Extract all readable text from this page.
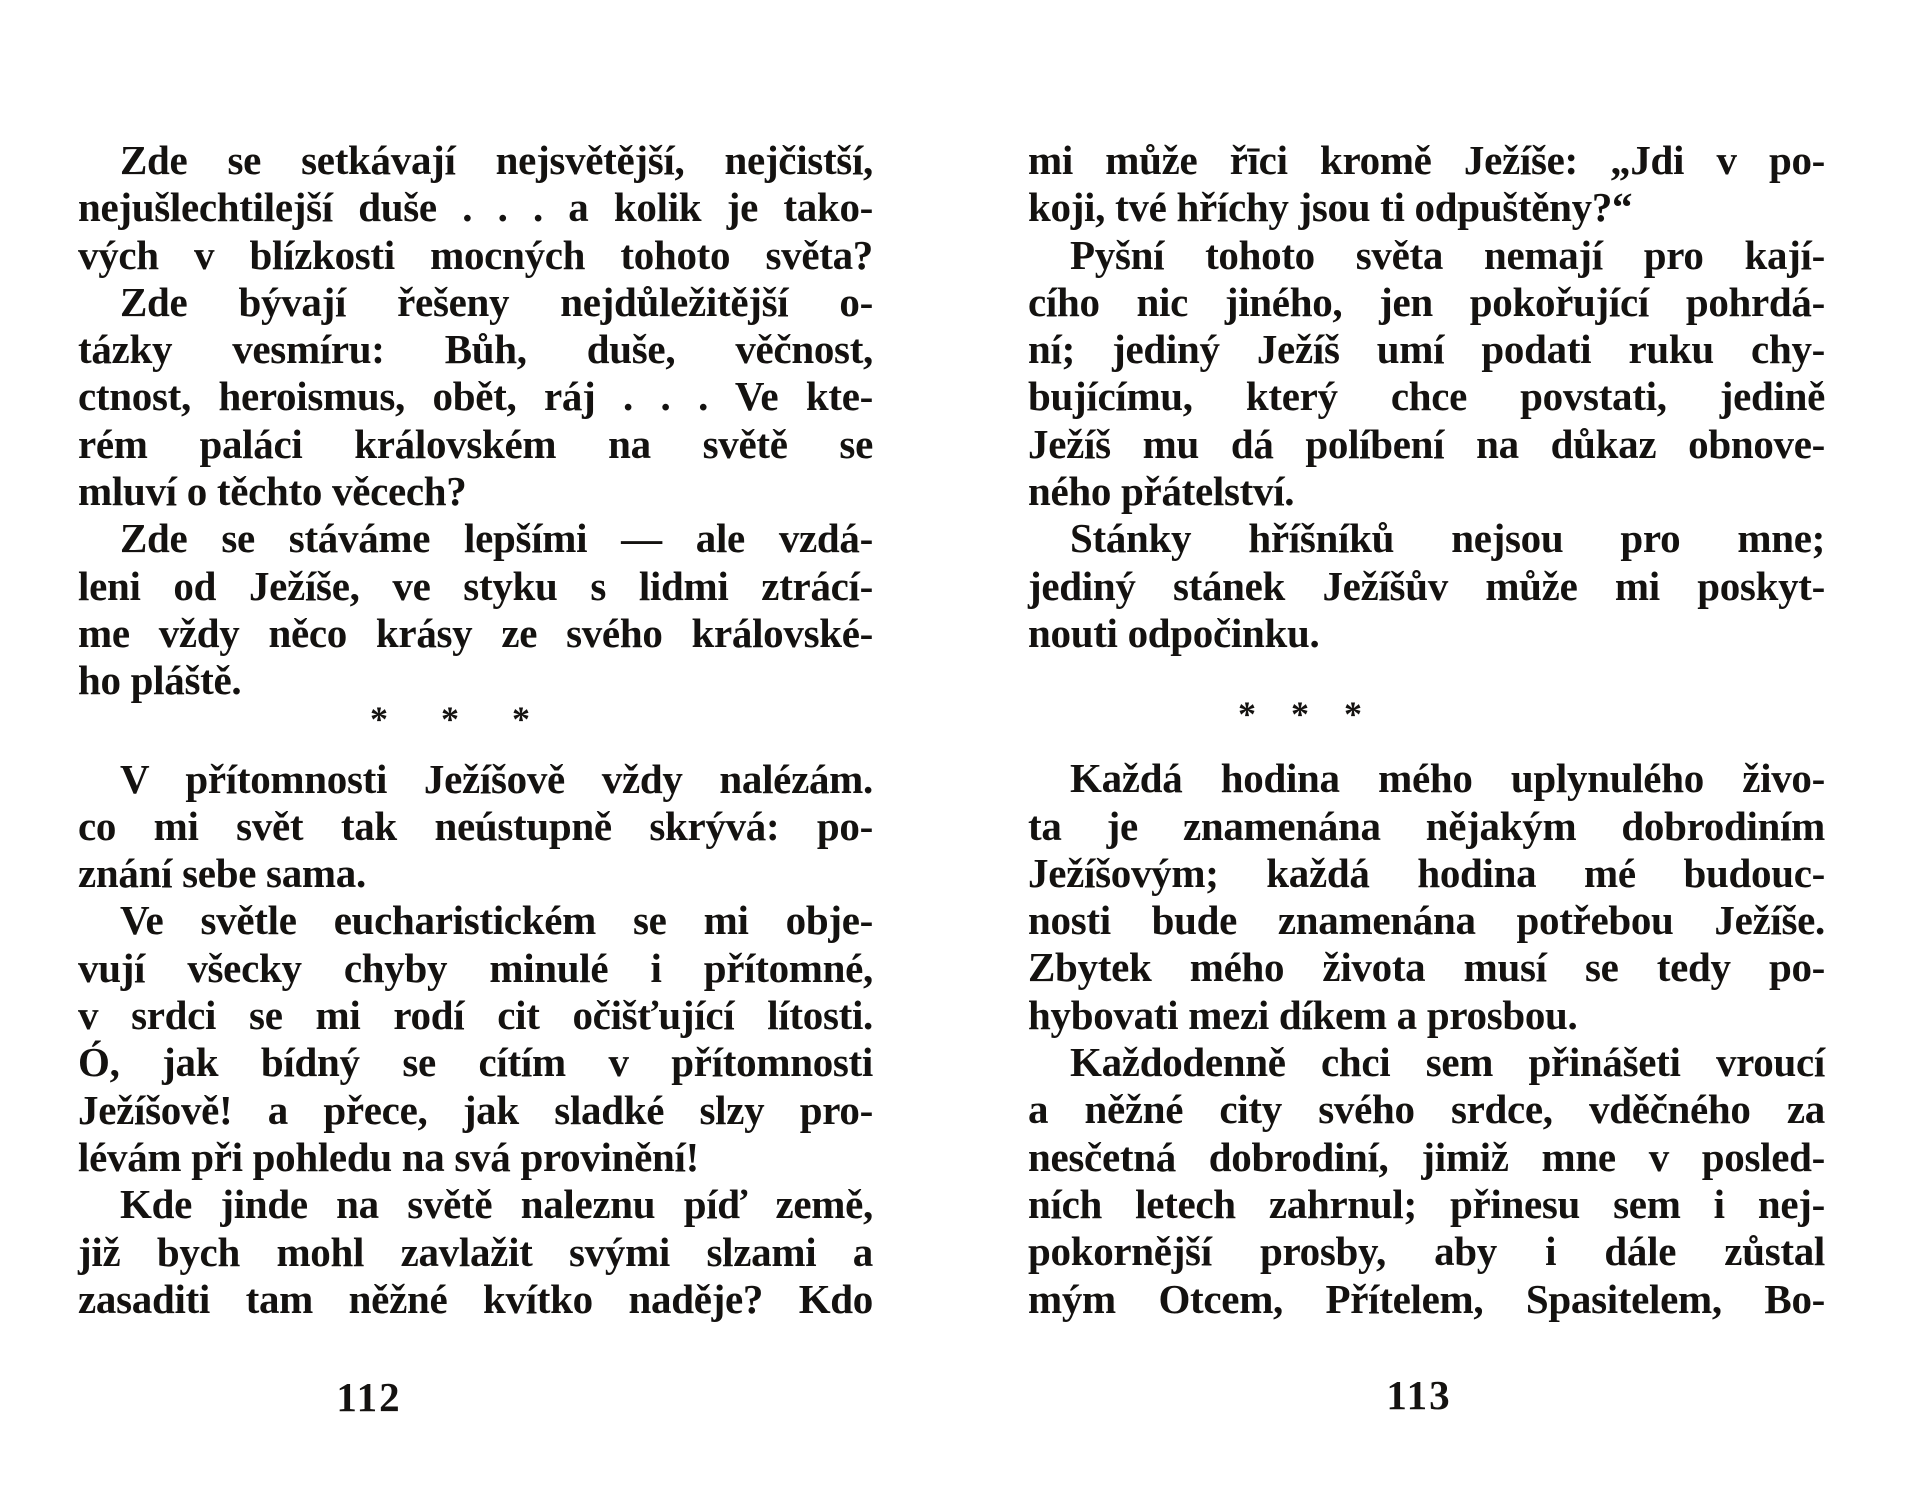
Zde se setkávají nejsvětější, nejčistší,
nejušlechtilejší duše . . . a kolik je tako-
vých v blízkosti mocných tohoto světa?
Zde bývají řešeny nejdůležitější o-
tázky vesmíru: Bůh, duše, věčnost,
ctnost, heroismus, obět, ráj . . . Ve kte-
rém paláci královském na světě se
mluví o těchto věcech?
Zde se stáváme lepšími — ale vzdá-
leni od Ježíše, ve styku s lidmi ztrácí-
me vždy něco krásy ze svého královské-
ho pláště.
* * *
V přítomnosti Ježíšově vždy nalézám.
co mi svět tak neústupně skrývá: po-
znání sebe sama.
Ve světle eucharistickém se mi obje-
vují všecky chyby minulé i přítomné,
v srdci se mi rodí cit očišťující lítosti.
Ó, jak bídný se cítím v přítomnosti
Ježíšově! a přece, jak sladké slzy pro-
lévám při pohledu na svá provinění!
Kde jinde na světě naleznu píď země,
již bych mohl zavlažit svými slzami a
zasaditi tam něžné kvítko naděje? Kdo
112
mi může řīci kromě Ježíše: „Jdi v po-
koji, tvé hříchy jsou ti odpuštěny?“
Pyšní tohoto světa nemají pro kají-
cího nic jiného, jen pokořující pohrdá-
ní; jediný Ježíš umí podati ruku chy-
bujícímu, který chce povstati, jedině
Ježíš mu dá políbení na důkaz obnove-
ného přátelství.
Stánky hříšníků nejsou pro mne;
jediný stánek Ježíšův může mi poskyt-
nouti odpočinku.
* * *
Každá hodina mého uplynulého živo-
ta je znamenána nějakým dobrodiním
Ježíšovým; každá hodina mé budouc-
nosti bude znamenána potřebou Ježíše.
Zbytek mého života musí se tedy po-
hybovati mezi díkem a prosbou.
Každodenně chci sem přinášeti vroucí
a něžné city svého srdce, vděčného za
nesčetná dobrodiní, jimiž mne v posled-
ních letech zahrnul; přinesu sem i nej-
pokornější prosby, aby i dále zůstal
mým Otcem, Přítelem, Spasitelem, Bo-
113
